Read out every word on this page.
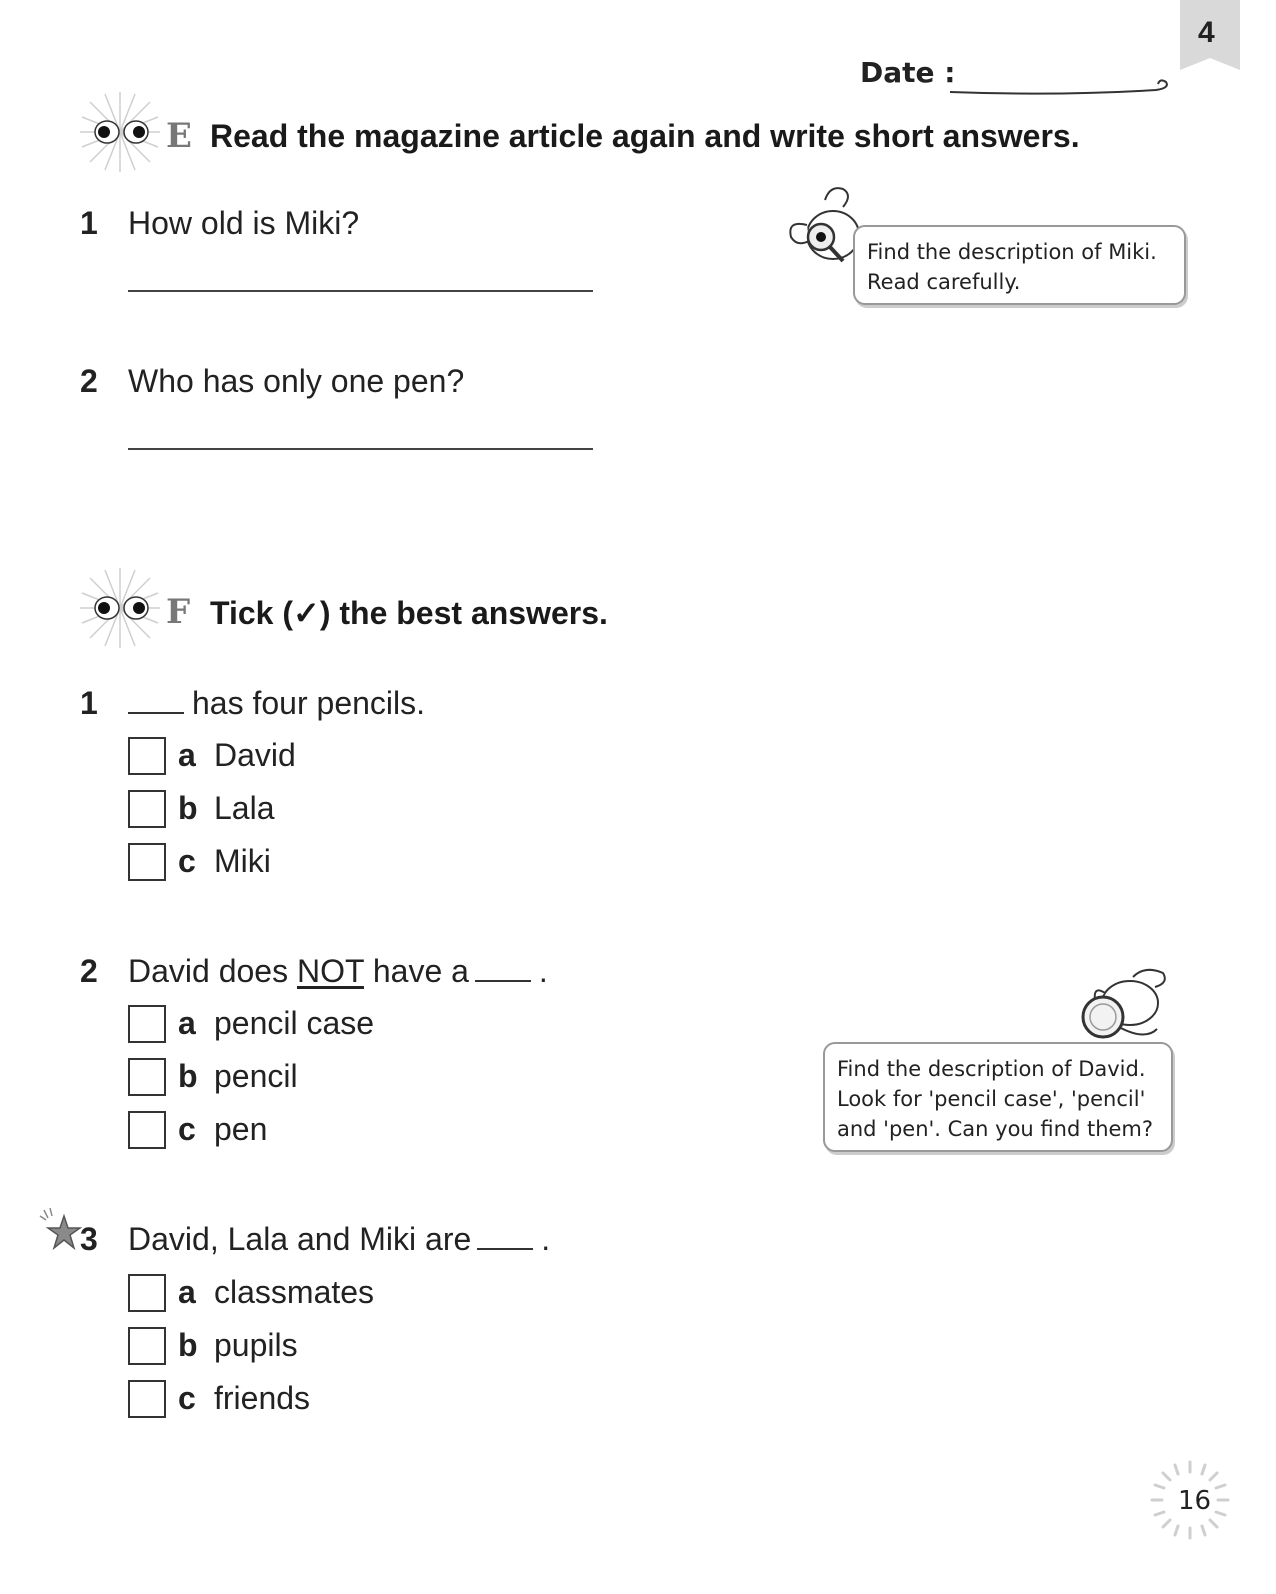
4
Date :
E Read the magazine article again and write short answers.
1 How old is Miki?
2 Who has only one pen?
Find the description of Miki.
Read carefully.
F Tick (✓) the best answers.
1	has four pencils.
a David
b Lala
c Miki
2 David does NOT have a .
a pencil case
b pencil
c pen
Find the description of David.
Look for 'pencil case', 'pencil'
and 'pen'. Can you find them?
3 David, Lala and Miki are .
a classmates
b pupils
c friends
16
